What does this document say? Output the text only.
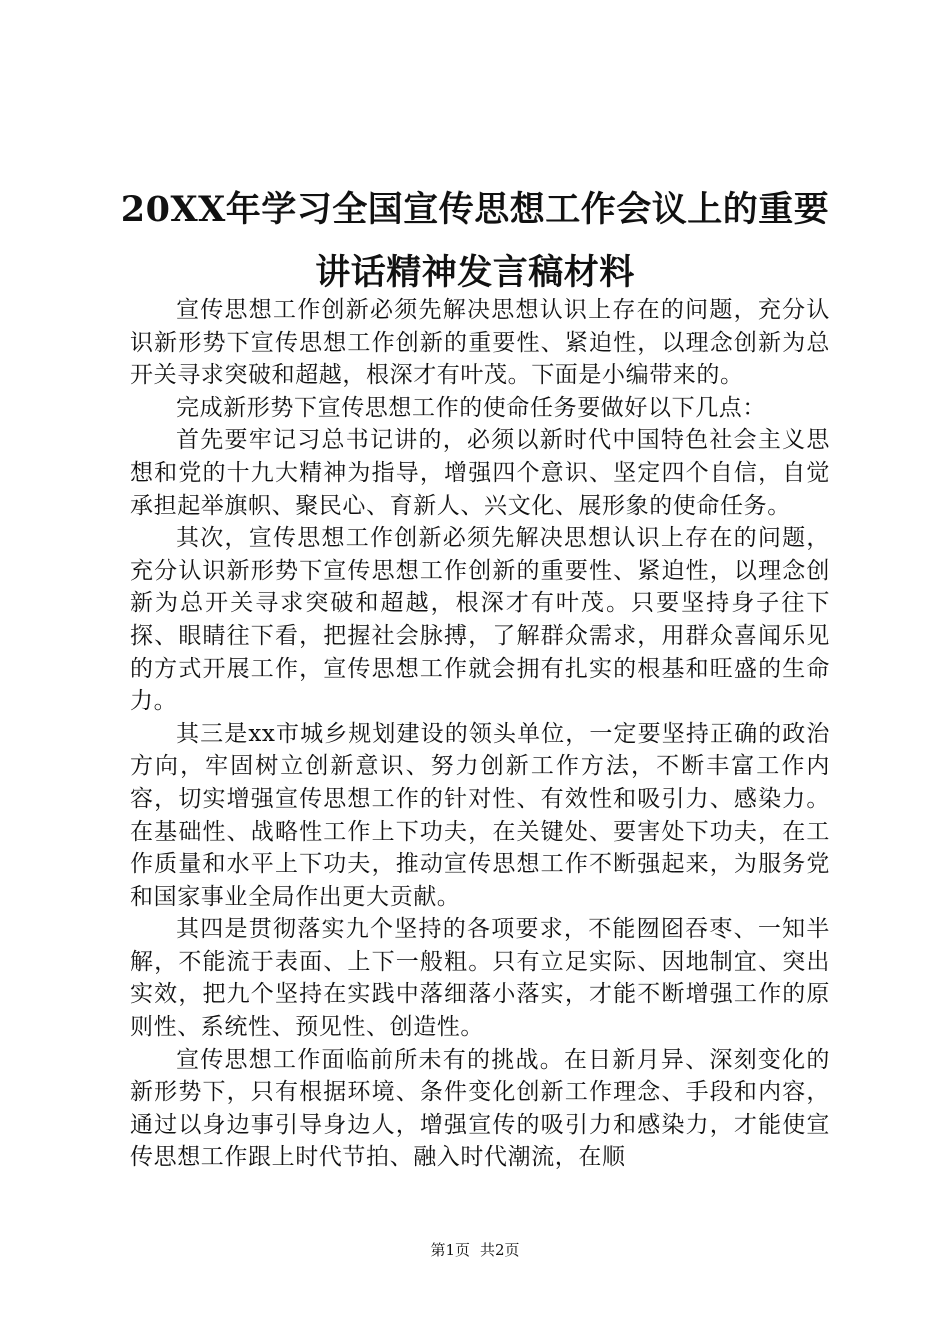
20XX年学习全国宣传思想工作会议上的重要
讲话精神发言稿材料

宣传思想工作创新必须先解决思想认识上存在的问题，充分认识新形势下宣传思想工作创新的重要性、紧迫性，以理念创新为总开关寻求突破和超越，根深才有叶茂。下面是小编带来的。

完成新形势下宣传思想工作的使命任务要做好以下几点：

首先要牢记习总书记讲的，必须以新时代中国特色社会主义思想和党的十九大精神为指导，增强四个意识、坚定四个自信，自觉承担起举旗帜、聚民心、育新人、兴文化、展形象的使命任务。

其次，宣传思想工作创新必须先解决思想认识上存在的问题，充分认识新形势下宣传思想工作创新的重要性、紧迫性，以理念创新为总开关寻求突破和超越，根深才有叶茂。只要坚持身子往下探、眼睛往下看，把握社会脉搏，了解群众需求，用群众喜闻乐见的方式开展工作，宣传思想工作就会拥有扎实的根基和旺盛的生命力。

其三是xx市城乡规划建设的领头单位，一定要坚持正确的政治方向，牢固树立创新意识、努力创新工作方法，不断丰富工作内容，切实增强宣传思想工作的针对性、有效性和吸引力、感染力。在基础性、战略性工作上下功夫，在关键处、要害处下功夫，在工作质量和水平上下功夫，推动宣传思想工作不断强起来，为服务党和国家事业全局作出更大贡献。

其四是贯彻落实九个坚持的各项要求，不能囫囵吞枣、一知半解，不能流于表面、上下一般粗。只有立足实际、因地制宜、突出实效，把九个坚持在实践中落细落小落实，才能不断增强工作的原则性、系统性、预见性、创造性。

宣传思想工作面临前所未有的挑战。在日新月异、深刻变化的新形势下，只有根据环境、条件变化创新工作理念、手段和内容，通过以身边事引导身边人，增强宣传的吸引力和感染力，才能使宣传思想工作跟上时代节拍、融入时代潮流，在顺

第1页 共2页
